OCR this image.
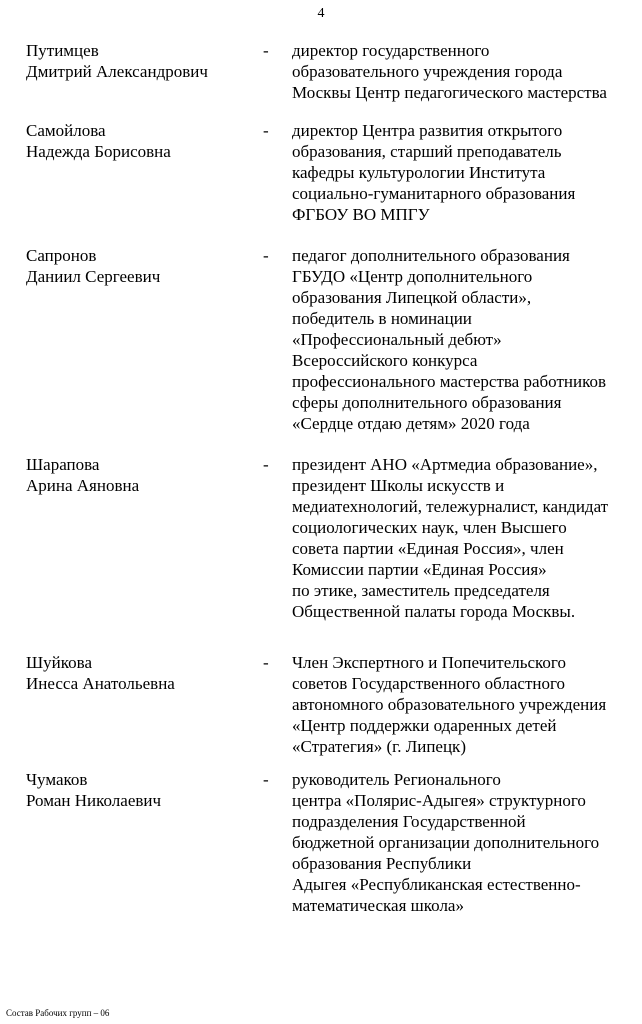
4
Путимцев
Дмитрий Александрович
- директор государственного
образовательного учреждения города
Москвы Центр педагогического мастерства
Самойлова
Надежда Борисовна
- директор Центра развития открытого
образования, старший преподаватель
кафедры культурологии Института
социально-гуманитарного образования
ФГБОУ ВО МПГУ
Сапронов
Даниил Сергеевич
- педагог дополнительного образования
ГБУДО «Центр дополнительного
образования Липецкой области»,
победитель в номинации
«Профессиональный дебют»
Всероссийского конкурса
профессионального мастерства работников
сферы дополнительного образования
«Сердце отдаю детям» 2020 года
Шарапова
Арина Аяновна
- президент АНО «Артмедиа образование»,
президент Школы искусств и
медиатехнологий, тележурналист, кандидат
социологических наук, член Высшего
совета партии «Единая Россия», член
Комиссии партии «Единая Россия»
по этике, заместитель председателя
Общественной палаты города Москвы.
Шуйкова
Инесса Анатольевна
- Член Экспертного и Попечительского
советов Государственного областного
автономного образовательного учреждения
«Центр поддержки одаренных детей
«Стратегия» (г. Липецк)
Чумаков
Роман Николаевич
- руководитель Регионального
центра «Полярис-Адыгея» структурного
подразделения Государственной
бюджетной организации дополнительного
образования Республики
Адыгея «Республиканская естественно-
математическая школа»
Состав Рабочих групп – 06
